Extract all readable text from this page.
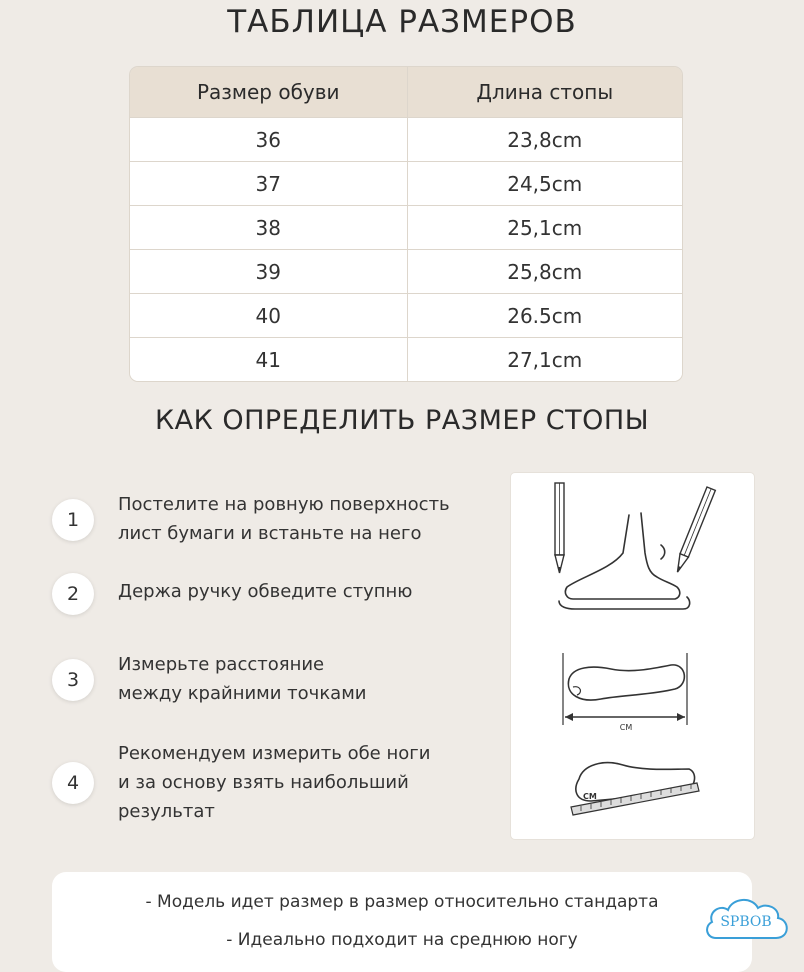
ТАБЛИЦА РАЗМЕРОВ
Размер обуви	Длина стопы
36	23,8cm
37	24,5cm
38	25,1cm
39	25,8cm
40	26.5cm
41	27,1cm
КАК ОПРЕДЕЛИТЬ РАЗМЕР СТОПЫ
1
Постелите на ровную поверхность
лист бумаги и встаньте на него
2	Держа ручку обведите ступню
3
Измерьте расстояние
между крайними точками
4
Рекомендуем измерить обе ноги
и за основу взять наибольший
результат
CM
CM
- Модель идет размер в размер относительно стандарта
- Идеально подходит на среднюю ногу
SPBOB
